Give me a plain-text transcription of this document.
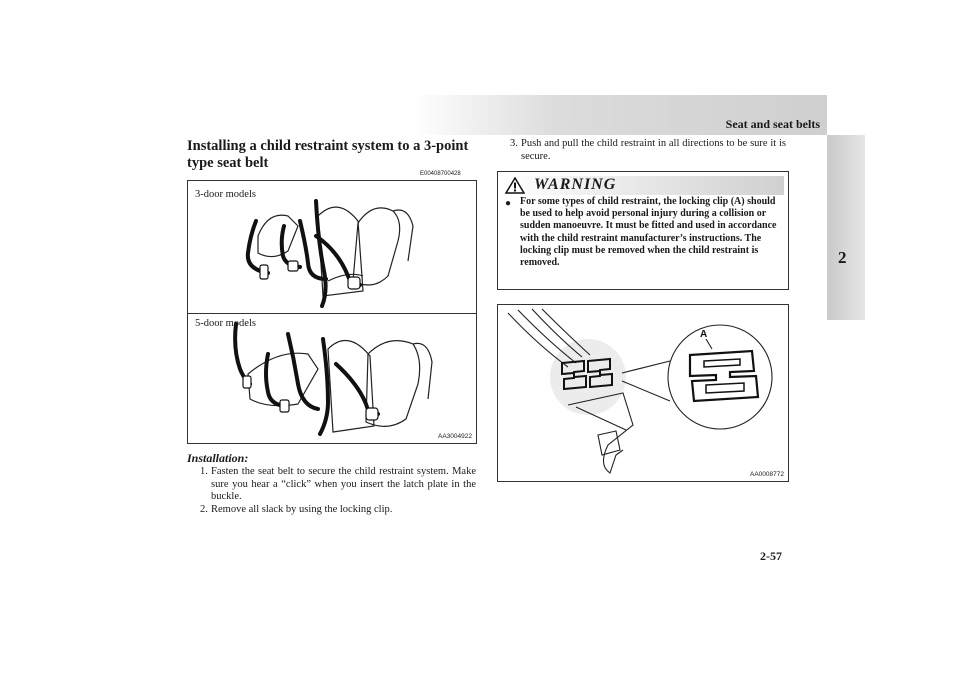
Seat and seat belts
2
Installing a child restraint system to a 3-point type seat belt
E00408700428
3-door models
5-door models
AA3004922
Installation:
1. Fasten the seat belt to secure the child restraint system. Make sure you hear a “click” when you insert the latch plate in the buckle.
2. Remove all slack by using the locking clip.
3. Push and pull the child restraint in all directions to be sure it is secure.
WARNING
● For some types of child restraint, the locking clip (A) should be used to help avoid personal injury during a collision or sudden manoeuvre. It must be fitted and used in accordance with the child restraint manufacturer’s instructions. The locking clip must be removed when the child restraint is removed.
A
AA0008772
2-57
